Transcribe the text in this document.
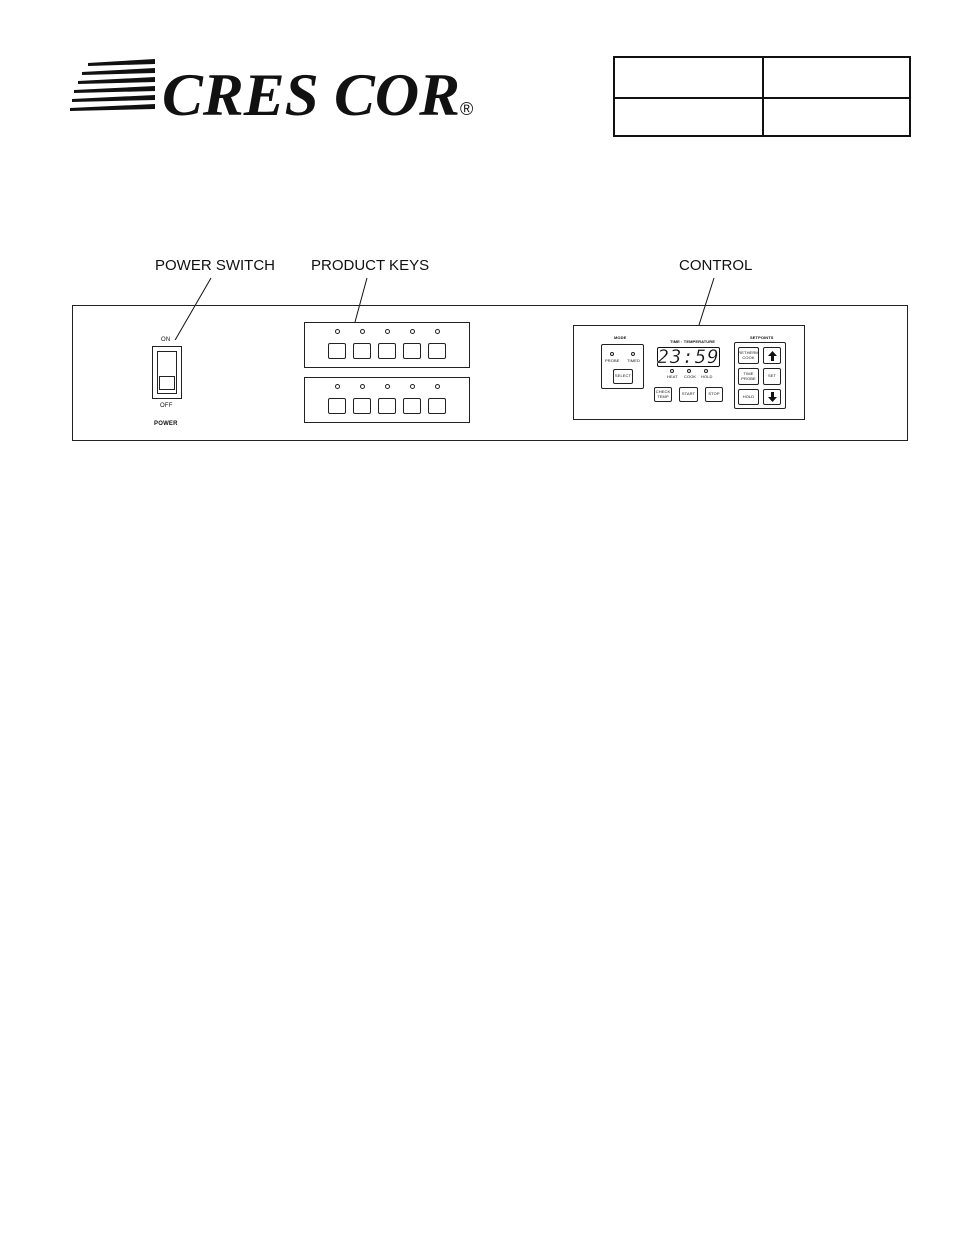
CRES COR ®
POWER SWITCH PRODUCT KEYS	CONTROL
ON
OFF
POWER
MODE
PROBE TIMED
SELECT
TIME · TEMPERATURE
23:59
HEAT COOK HOLD
CHECK TEMP	START	STOP
SETPOINTS
RETHERM COOK
TIME PROBE	SET
HOLD
